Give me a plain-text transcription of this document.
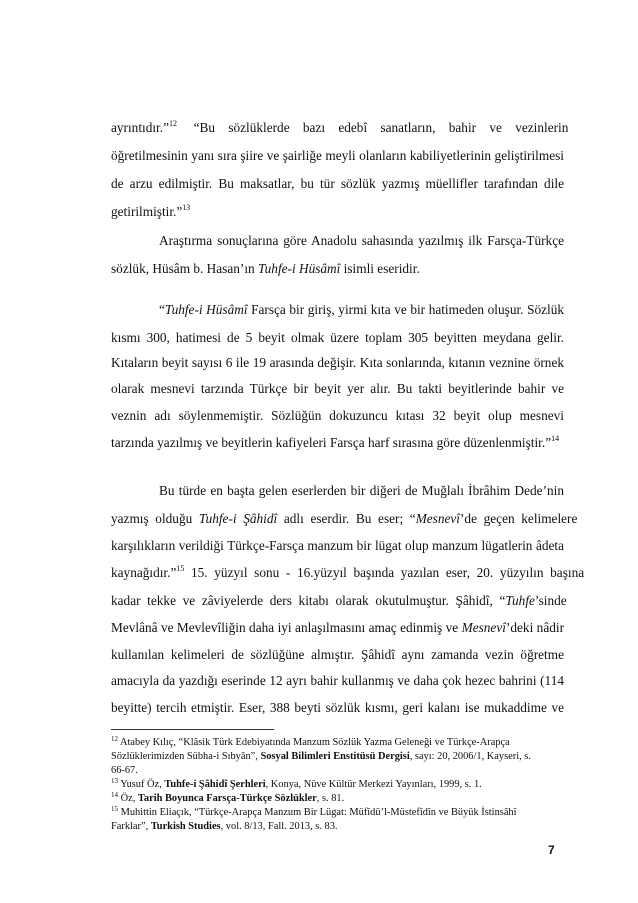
ayrıntıdır.”$^{12}$     “Bu    sözlüklerde    bazı    edebî    sanatların,    bahir    ve    vezinlerin
öğretilmesinin yanı sıra şiire ve şairliğe meyli olanların kabiliyetlerinin geliştirilmesi
de arzu edilmiştir. Bu maksatlar, bu tür sözlük yazmış müellifler tarafından dile
getirilmiştir.”$^{13}$
Araştırma sonuçlarına göre Anadolu sahasında yazılmış ilk Farsça-Türkçe
sözlük, Hüsâm b. Hasan’ın Tuhfe-i Hüsâmî isimli eseridir.
“Tuhfe-i Hüsâmî Farsça bir giriş, yirmi kıta ve bir hatimeden oluşur. Sözlük
kısmı 300, hatimesi de 5 beyit olmak üzere toplam 305 beyitten meydana gelir.
Kıtaların beyit sayısı 6 ile 19 arasında değişir. Kıta sonlarında, kıtanın veznine örnek
olarak mesnevi tarzında Türkçe bir beyit yer alır. Bu takti beyitlerinde bahir ve
veznin adı söylenmemiştir. Sözlüğün dokuzuncu kıtası 32 beyit olup mesnevi
tarzında yazılmış ve beyitlerin kafiyeleri Farsça harf sırasına göre düzenlenmiştir.”$^{14}$
Bu türde en başta gelen eserlerden bir diğeri de Muğlalı İbrâhim Dede’nin
yazmış  olduğu  Tuhfe-i  Şâhidî  adlı  eserdir.  Bu  eser;  “Mesnevî’de  geçen  kelimelere
karşılıkların verildiği Türkçe-Farsça manzum bir lügat olup manzum lügatlerin âdeta
kaynağıdır.”$^{15}$  15.  yüzyıl  sonu  -  16.yüzyıl  başında  yazılan  eser,  20.  yüzyılın  başına
kadar  tekke  ve  zâviyelerde  ders  kitabı  olarak  okutulmuştur.  Şâhidî,  “Tuhfe’sinde
Mevlânâ ve Mevlevîliğin daha iyi anlaşılmasını amaç edinmiş ve Mesnevî’deki nâdir
kullanılan kelimeleri de sözlüğüne almıştır. Şâhidî aynı zamanda vezin öğretme
amacıyla da yazdığı eserinde 12 ayrı bahir kullanmış ve daha çok hezec bahrini (114
beyitte) tercih etmiştir. Eser, 388 beyti sözlük kısmı, geri kalanı ise mukaddime ve
$^{12}$ Atabey Kılıç, “Klâsik Türk Edebiyatında Manzum Sözlük Yazma Geleneği ve Türkçe-Arapça
Sözlüklerimizden Sübha-i Sıbyân”, Sosyal Bilimleri Enstitüsü Dergisi, sayı: 20, 2006/1, Kayseri, s.
66-67.
$^{13}$ Yusuf Öz, Tuhfe-i Şâhidî Şerhleri, Konya, Nüve Kültür Merkezi Yayınları, 1999, s. 1.
$^{14}$ Öz, Tarih Boyunca Farsça-Türkçe Sözlükler, s. 81.
$^{15}$ Muhittin Eliaçık, “Türkçe-Arapça Manzum Bir Lügat: Müfîdü’l-Müstefîdîn ve Büyük İstinsâhî
Farklar”, Turkish Studies, vol. 8/13, Fall. 2013, s. 83.
7
